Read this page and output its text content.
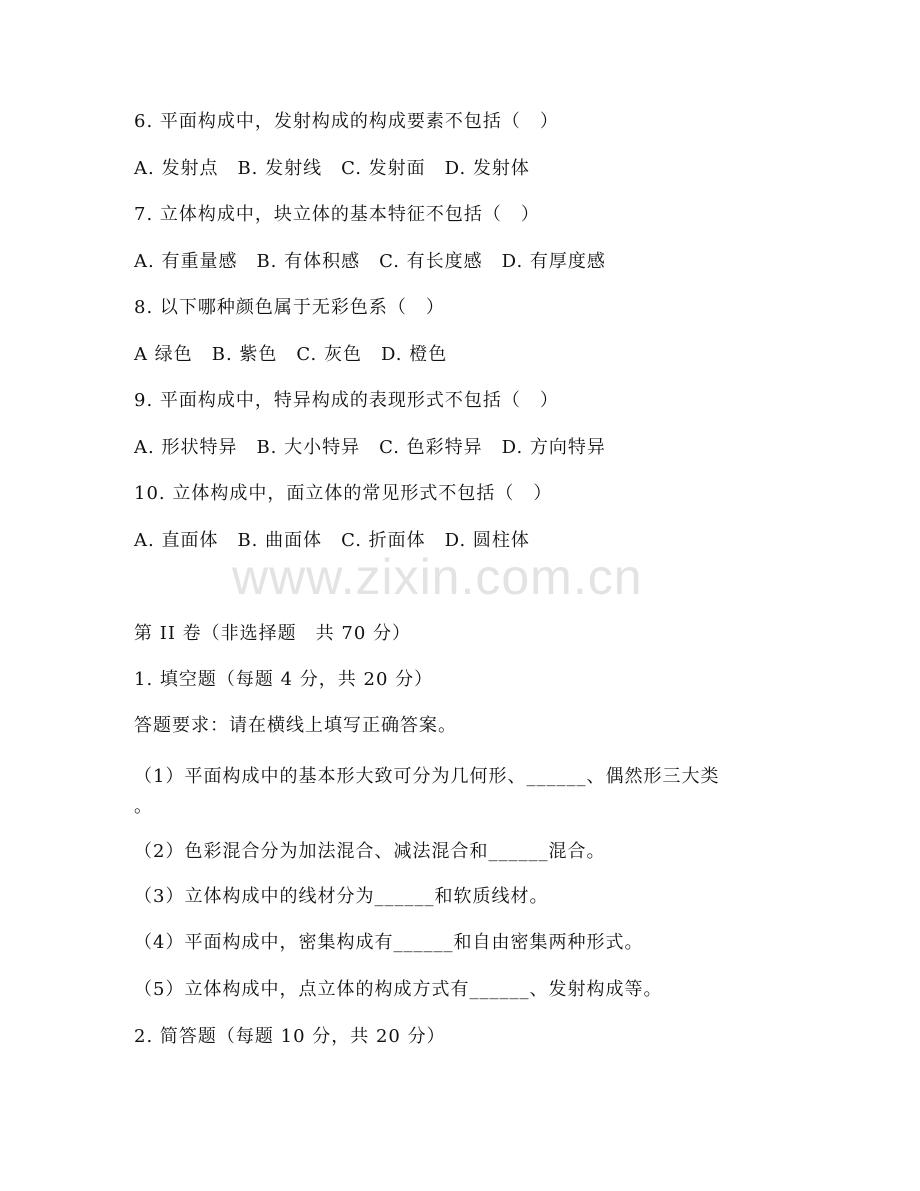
www.zixin.com.cn
6. 平面构成中，发射构成的构成要素不包括（　）
A. 发射点　B. 发射线　C. 发射面　D. 发射体
7. 立体构成中，块立体的基本特征不包括（　）
A. 有重量感　B. 有体积感　C. 有长度感　D. 有厚度感
8. 以下哪种颜色属于无彩色系（　）
A 绿色　B. 紫色　C. 灰色　D. 橙色
9. 平面构成中，特异构成的表现形式不包括（　）
A. 形状特异　B. 大小特异　C. 色彩特异　D. 方向特异
10. 立体构成中，面立体的常见形式不包括（　）
A. 直面体　B. 曲面体　C. 折面体　D. 圆柱体
第 II 卷（非选择题　共 70 分）
1. 填空题（每题 4 分，共 20 分）
答题要求：请在横线上填写正确答案。
（1）平面构成中的基本形大致可分为几何形、______、偶然形三大类
。
（2）色彩混合分为加法混合、减法混合和______混合。
（3）立体构成中的线材分为______和软质线材。
（4）平面构成中，密集构成有______和自由密集两种形式。
（5）立体构成中，点立体的构成方式有______、发射构成等。
2. 简答题（每题 10 分，共 20 分）
